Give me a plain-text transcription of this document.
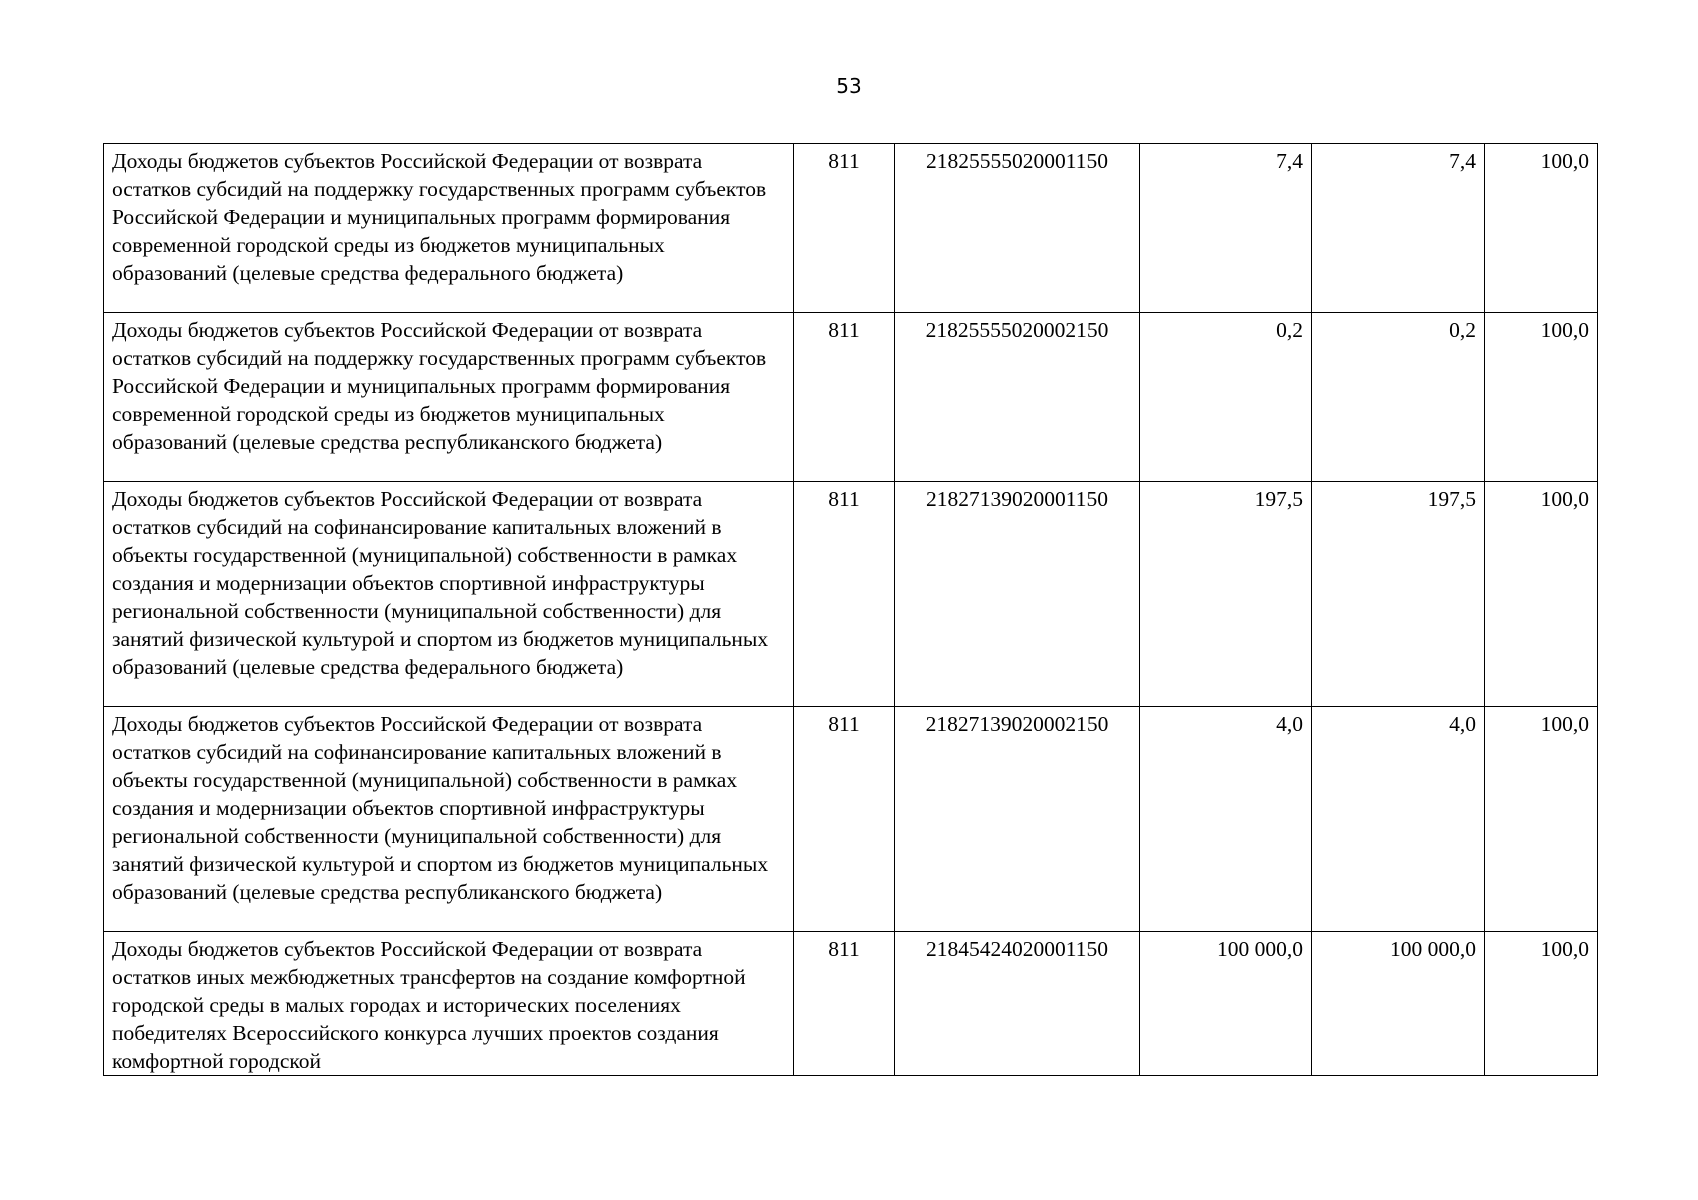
53
Доходы бюджетов субъектов Российской Федерации от возврата остатков субсидий на поддержку государственных программ субъектов Российской Федерации и муниципальных программ формирования современной городской среды из бюджетов муниципальных образований (целевые средства федерального бюджета)	811	21825555020001150	7,4	7,4	100,0
Доходы бюджетов субъектов Российской Федерации от возврата остатков субсидий на поддержку государственных программ субъектов Российской Федерации и муниципальных программ формирования современной городской среды из бюджетов муниципальных образований (целевые средства республиканского бюджета)	811	21825555020002150	0,2	0,2	100,0
Доходы бюджетов субъектов Российской Федерации от возврата остатков субсидий на софинансирование капитальных вложений в объекты государственной (муниципальной) собственности в рамках создания и модернизации объектов спортивной инфраструктуры региональной собственности (муниципальной собственности) для занятий физической культурой и спортом из бюджетов муниципальных образований (целевые средства федерального бюджета)	811	21827139020001150	197,5	197,5	100,0
Доходы бюджетов субъектов Российской Федерации от возврата остатков субсидий на софинансирование капитальных вложений в объекты государственной (муниципальной) собственности в рамках создания и модернизации объектов спортивной инфраструктуры региональной собственности (муниципальной собственности) для занятий физической культурой и спортом из бюджетов муниципальных образований (целевые средства республиканского бюджета)	811	21827139020002150	4,0	4,0	100,0
Доходы бюджетов субъектов Российской Федерации от возврата остатков иных межбюджетных трансфертов на создание комфортной городской среды в малых городах и исторических поселениях победителях Всероссийского конкурса лучших проектов создания комфортной городской	811	21845424020001150	100 000,0	100 000,0	100,0
